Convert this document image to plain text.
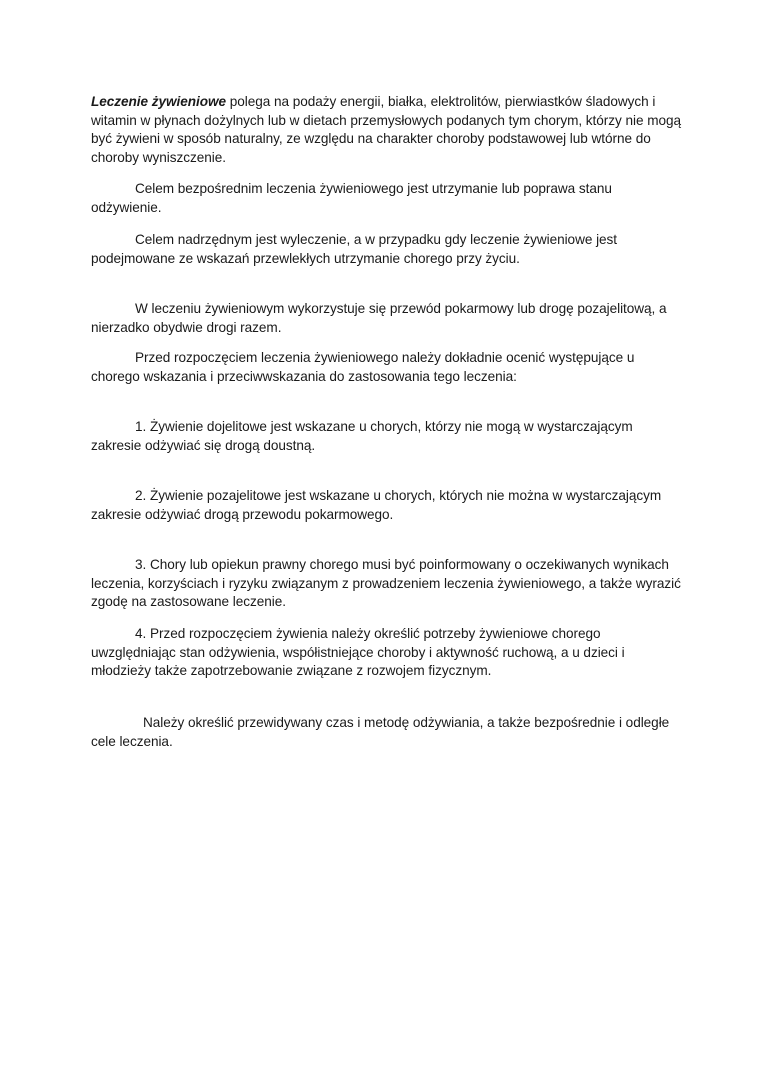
Leczenie żywieniowe polega na podaży energii, białka, elektrolitów, pierwiastków śladowych i witamin w płynach dożylnych lub w dietach przemysłowych podanych tym chorym, którzy nie mogą być żywieni w sposób naturalny, ze względu na charakter choroby podstawowej lub wtórne do choroby wyniszczenie.

Celem bezpośrednim leczenia żywieniowego jest utrzymanie lub poprawa stanu odżywienie.

Celem nadrzędnym jest wyleczenie, a w przypadku gdy leczenie żywieniowe jest podejmowane ze wskazań przewlekłych utrzymanie chorego przy życiu.

W leczeniu żywieniowym wykorzystuje się przewód pokarmowy lub drogę pozajelitową, a nierzadko obydwie drogi razem.

Przed rozpoczęciem leczenia żywieniowego należy dokładnie ocenić występujące u chorego wskazania i przeciwwskazania do zastosowania tego leczenia:

1. Żywienie dojelitowe jest wskazane u chorych, którzy nie mogą w wystarczającym zakresie odżywiać się drogą doustną.

2. Żywienie pozajelitowe jest wskazane u chorych, których nie można w wystarczającym zakresie odżywiać drogą przewodu pokarmowego.

3. Chory lub opiekun prawny chorego musi być poinformowany o oczekiwanych wynikach leczenia, korzyściach i ryzyku związanym z prowadzeniem leczenia żywieniowego, a także wyrazić zgodę na zastosowane leczenie.

4. Przed rozpoczęciem żywienia należy określić potrzeby żywieniowe chorego uwzględniając stan odżywienia, współistniejące choroby i aktywność ruchową, a u dzieci i młodzieży także zapotrzebowanie związane z rozwojem fizycznym.

Należy określić przewidywany czas i metodę odżywiania, a także bezpośrednie i odległe cele leczenia.
